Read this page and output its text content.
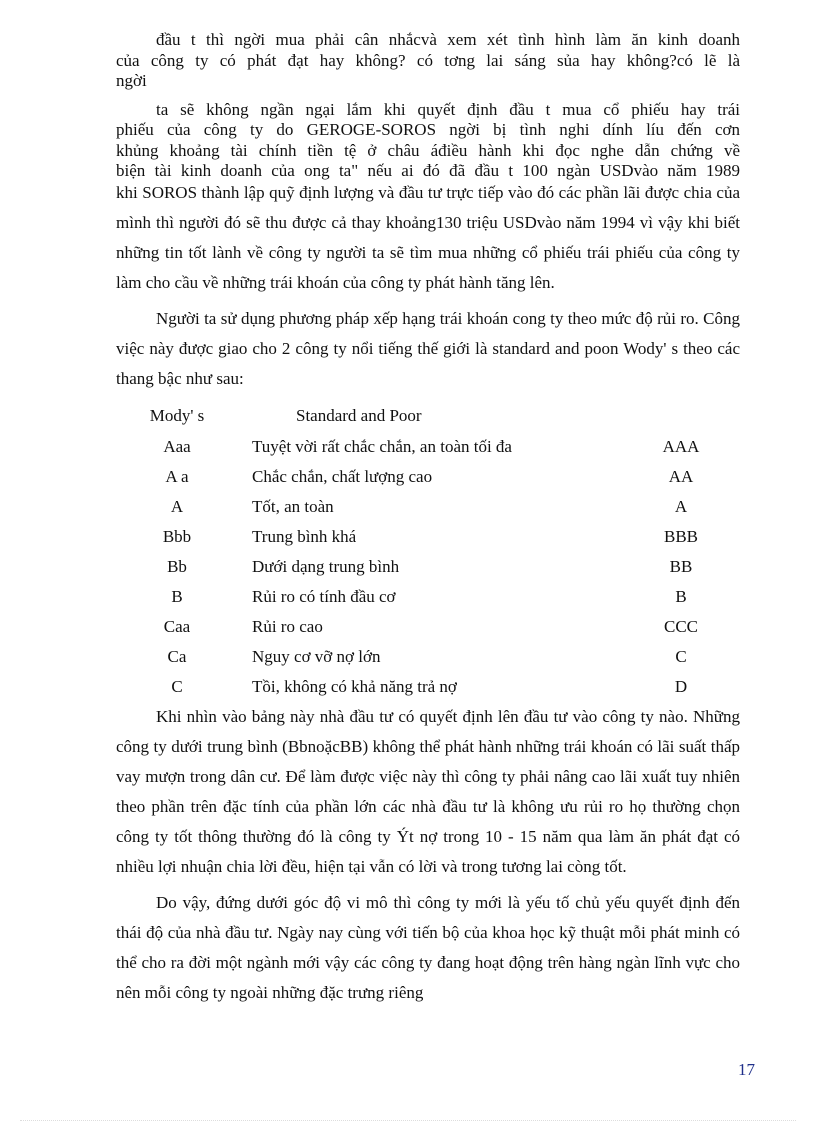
đầu t thì ngời mua phải cân nhắcvà xem xét tình hình làm ăn kinh doanh
của công ty có phát đạt hay không? có tơng lai sáng sủa hay không?có lẽ là
ngời

ta sẽ không ngần ngại lắm khi quyết định đầu t mua cổ phiếu hay trái
phiếu của công ty do GEROGE-SOROS ngời bị tình nghi dính líu đến cơn
khủng khoảng tài chính tiền tệ ở châu áđiều hành khi đọc nghe dẫn chứng về
biện tài kinh doanh của ong ta" nếu ai đó đã đầu t 100 ngàn USDvào năm 1989

khi SOROS thành lập quỹ định lượng và đầu tư trực tiếp vào đó các phần lãi được chia của mình thì người đó sẽ thu được cả thay khoảng130 triệu USDvào năm 1994 vì vậy khi biết những tin tốt lành về công ty người ta sẽ tìm mua những cổ phiếu trái phiếu của công ty làm cho cầu về những trái khoán của công ty phát hành tăng lên.

Người ta sử dụng phương pháp xếp hạng trái khoán cong ty theo mức độ rủi ro. Công việc này được giao cho 2 công ty nổi tiếng thế giới là standard and poon Wody' s theo các thang bậc như sau:

Mody' s	Standard and Poor	
Aaa	Tuyệt vời rất chắc chắn, an toàn tối đa	AAA
A a	Chắc chắn, chất lượng cao	AA
A	Tốt, an toàn	A
Bbb	Trung bình khá	BBB
Bb	Dưới dạng trung bình	BB
B	Rủi ro có tính đầu cơ	B
Caa	Rủi ro cao	CCC
Ca	Nguy cơ vỡ nợ lớn	C
C	Tồi, không có khả năng trả nợ	D

Khi nhìn vào bảng này nhà đầu tư có quyết định lên đầu tư vào công ty nào. Những công ty dưới trung bình (BbnoặcBB) không thể phát hành những trái khoán có lãi suất thấp vay mượn trong dân cư. Để làm được việc này thì công ty phải nâng cao lãi xuất tuy nhiên theo phần trên đặc tính của phần lớn các nhà đầu tư là không ưu rủi ro họ thường chọn công ty tốt thông thường đó là công ty Ýt nợ trong 10 - 15 năm qua làm ăn phát đạt có nhiều lợi nhuận chia lời đều, hiện tại vẫn có lời và trong tương lai còng tốt.

Do vậy, đứng dưới góc độ vi mô thì công ty mới là yếu tố chủ yếu quyết định đến thái độ của nhà đầu tư. Ngày nay cùng với tiến bộ của khoa học kỹ thuật mỗi phát minh có thể cho ra đời một ngành mới vậy các công ty đang hoạt động trên hàng ngàn lĩnh vực cho nên mỗi công ty ngoài những đặc trưng riêng

17
